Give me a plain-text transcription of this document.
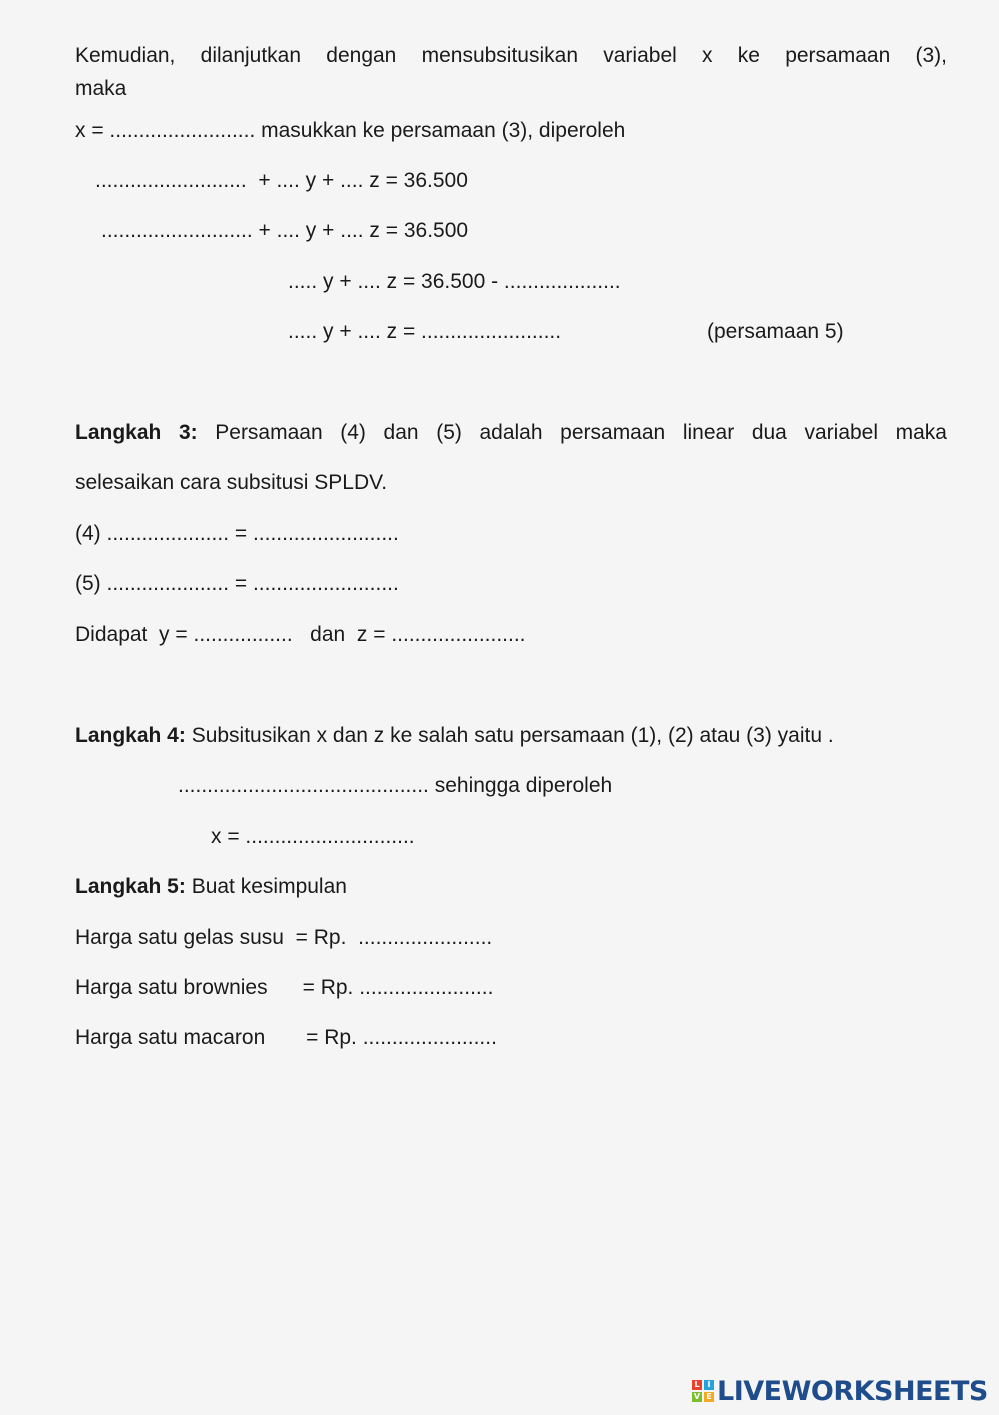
Kemudian, dilanjutkan dengan mensubsitusikan variabel x ke persamaan (3),
maka
x = ......................... masukkan ke persamaan (3), diperoleh
..........................  + .... y + .... z = 36.500
.......................... + .... y + .... z = 36.500
..... y + .... z = 36.500 - ....................
..... y + .... z = ........................	(persamaan 5)
Langkah 3: Persamaan (4) dan (5) adalah persamaan linear dua variabel maka
selesaikan cara subsitusi SPLDV.
(4) ..................... = .........................
(5) ..................... = .........................
Didapat  y = .................   dan  z = .......................
Langkah 4: Subsitusikan x dan z ke salah satu persamaan (1), (2) atau (3) yaitu .
........................................... sehingga diperoleh
x = .............................
Langkah 5: Buat kesimpulan
Harga satu gelas susu  = Rp.  .......................
Harga satu brownies      = Rp. .......................
Harga satu macaron       = Rp. .......................
L I
V E LIVEWORKSHEETS
